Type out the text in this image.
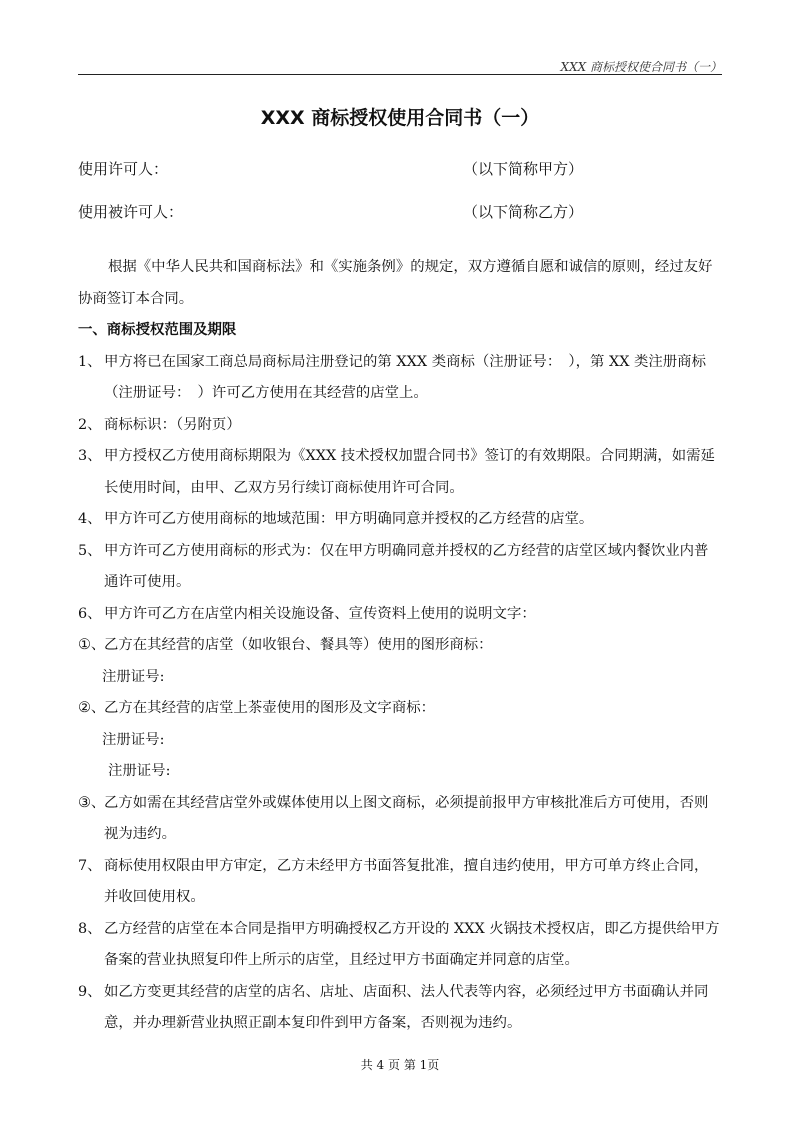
XXX 商标授权使合同书（一）
XXX 商标授权使用合同书（一）
使用许可人：	（以下简称甲方）
使用被许可人：	（以下简称乙方）

根据《中华人民共和国商标法》和《实施条例》的规定，双方遵循自愿和诚信的原则，经过友好协商签订本合同。

一、商标授权范围及期限

1、 甲方将已在国家工商总局商标局注册登记的第 XXX 类商标（注册证号：　），第 XX 类注册商标（注册证号：　）许可乙方使用在其经营的店堂上。

2、 商标标识：（另附页）

3、 甲方授权乙方使用商标期限为《XXX 技术授权加盟合同书》签订的有效期限。合同期满，如需延长使用时间，由甲、乙双方另行续订商标使用许可合同。

4、 甲方许可乙方使用商标的地域范围：甲方明确同意并授权的乙方经营的店堂。

5、 甲方许可乙方使用商标的形式为：仅在甲方明确同意并授权的乙方经营的店堂区域内餐饮业内普通许可使用。

6、 甲方许可乙方在店堂内相关设施设备、宣传资料上使用的说明文字：

①、
乙方在其经营的店堂（如收银台、餐具等）使用的图形商标：

注册证号:

②、
乙方在其经营的店堂上茶壶使用的图形及文字商标：

注册证号:

注册证号:

③、
乙方如需在其经营店堂外或媒体使用以上图文商标，必须提前报甲方审核批准后方可使用，否则视为违约。

7、 商标使用权限由甲方审定，乙方未经甲方书面答复批准，擅自违约使用，甲方可单方终止合同，并收回使用权。

8、 乙方经营的店堂在本合同是指甲方明确授权乙方开设的 XXX 火锅技术授权店，即乙方提供给甲方备案的营业执照复印件上所示的店堂，且经过甲方书面确定并同意的店堂。

9、 如乙方变更其经营的店堂的店名、店址、店面积、法人代表等内容，必须经过甲方书面确认并同意，并办理新营业执照正副本复印件到甲方备案，否则视为违约。

共 4 页 第 1页
